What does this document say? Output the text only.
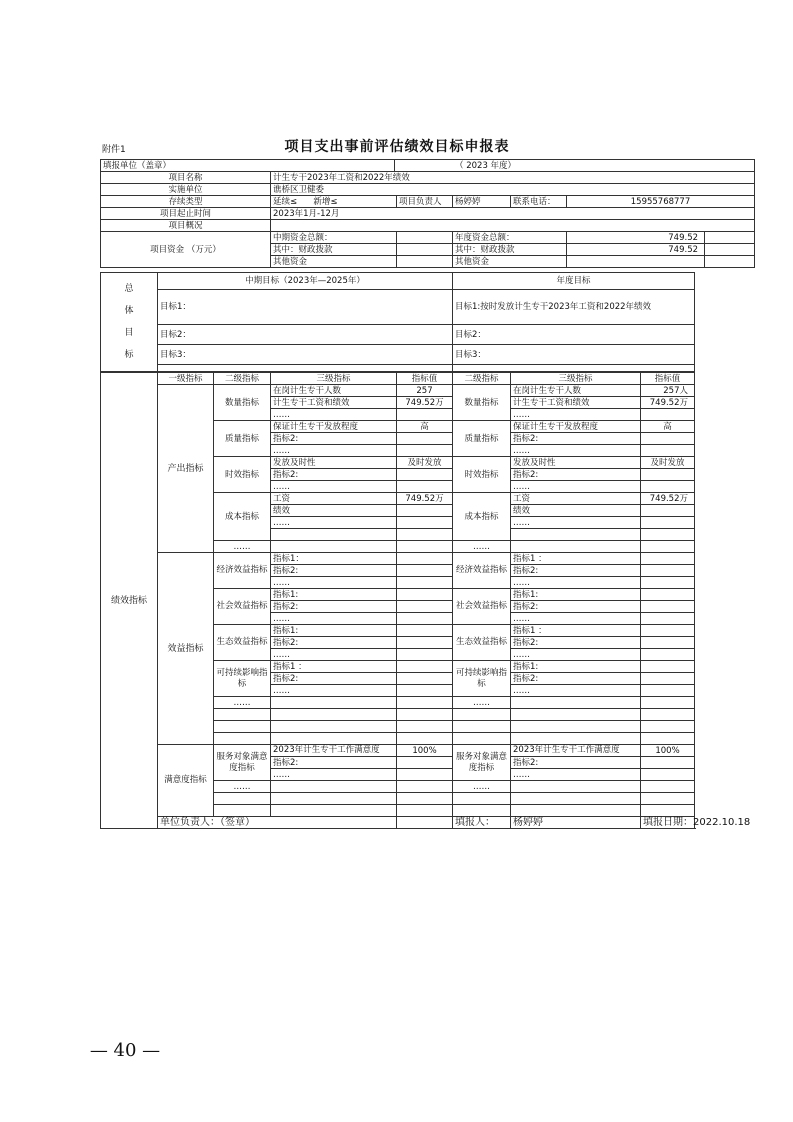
附件1	项目支出事前评估绩效目标申报表
填报单位（盖章）		（ 2023 年度）					
项目名称	计生专干2023年工资和2022年绩效						
实施单位	谯桥区卫健委						
存续类型	延续≤ 新增≤		项目负责人	杨婷婷	联系电话：	15955768777	
项目起止时间	2023年1月-12月						
项目概况							
项目资金 （万元）	中期资金总额：			年度资金总额：		749.52	
	其中：财政拨款			其中：财政拨款		749.52	
	其他资金			其他资金			
总
体
目
标	中期目标（2023年—2025年）	年度目标
	目标1：	目标1:按时发放计生专干2023年工资和2022年绩效
	目标2：	目标2：
	目标3：	目标3：

绩效指标	一级指标	二级指标	三级指标	指标值	二级指标	三级指标	指标值
	产出指标	数量指标	在岗计生专干人数	257	数量指标	在岗计生专干人数	257人
			计生专干工资和绩效	749.52万		计生专干工资和绩效	749.52万
			……			……	
		质量指标	保证计生专干发放程度	高	质量指标	保证计生专干发放程度	高
			指标2:			指标2:	
			……			……	
		时效指标	发放及时性	及时发放	时效指标	发放及时性	及时发放
			指标2:			指标2:	
			……			……	
		成本指标	工资	749.52万	成本指标	工资	749.52万

			绩效			绩效	
			……			……	

		……			……		
	效益指标	经济效益指标	指标1：		经济效益指标	指标1 ：	
			指标2:			指标2:	
			……			……	
		社会效益指标	指标1:		社会效益指标	指标1:	
			指标2:			指标2:	
			……			……	
		生态效益指标	指标1:		生态效益指标	指标1 ：	
			指标2:			指标2:	
			……			……	
		可持续影响指标	指标1 ：		可持续影响指标	指标1:	
			指标2:			指标2:	
			……			……	
		……			……		

	满意度指标	服务对象满意度指标	2023年计生专干工作满意度	100%	服务对象满意度指标	2023年计生专干工作满意度	100%

			指标2:			指标2:	
			……			……	
		……			……		

	单位负责人：（签章）				填报人：	杨婷婷	填报日期：2022.10.18
— 40 —
